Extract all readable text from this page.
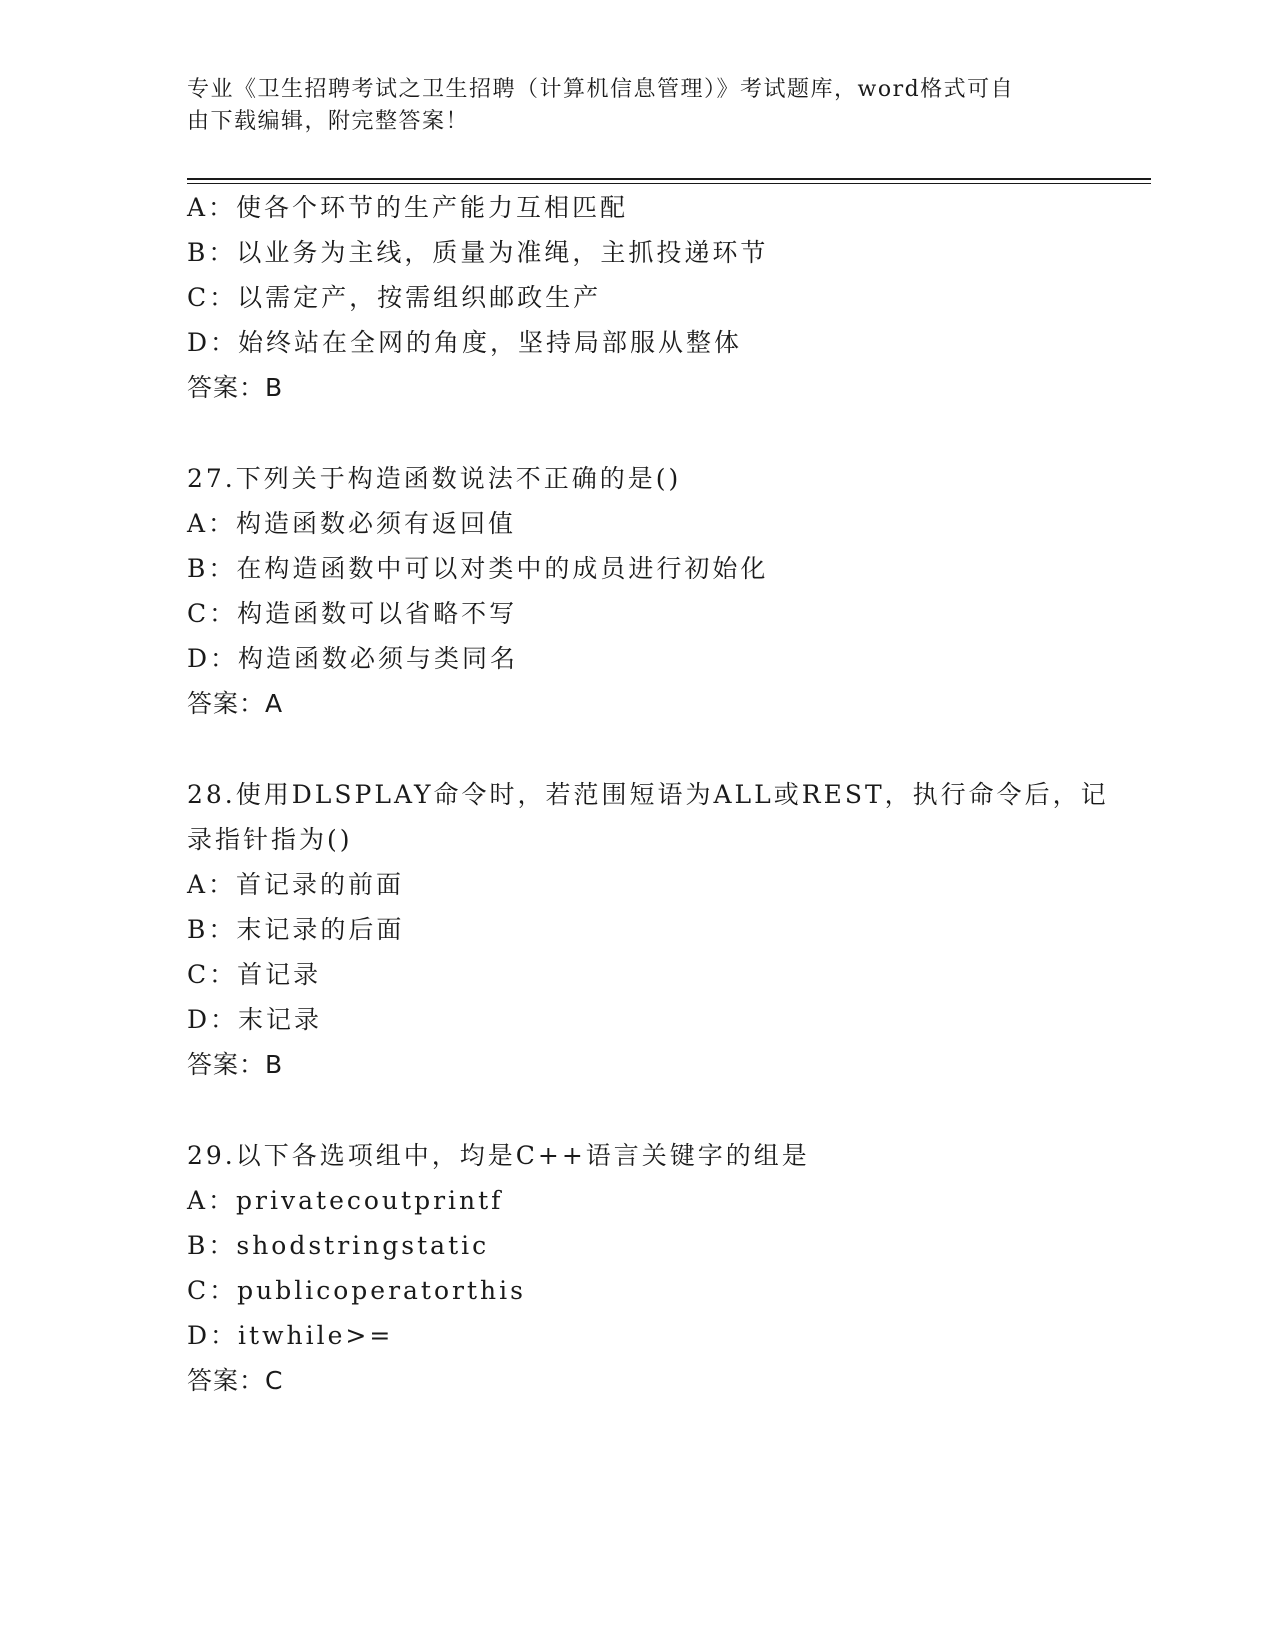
专业《卫生招聘考试之卫生招聘（计算机信息管理）》考试题库，word格式可自
由下载编辑，附完整答案！
A：使各个环节的生产能力互相匹配
B：以业务为主线，质量为准绳，主抓投递环节
C：以需定产，按需组织邮政生产
D：始终站在全网的角度，坚持局部服从整体
答案：B
27.下列关于构造函数说法不正确的是()
A：构造函数必须有返回值
B：在构造函数中可以对类中的成员进行初始化
C：构造函数可以省略不写
D：构造函数必须与类同名
答案：A
28.使用DLSPLAY命令时，若范围短语为ALL或REST，执行命令后，记
录指针指为()
A：首记录的前面
B：末记录的后面
C：首记录
D：末记录
答案：B
29.以下各选项组中，均是C++语言关键字的组是
A：privatecoutprintf
B：shodstringstatic
C：publicoperatorthis
D：itwhile>=
答案：C
